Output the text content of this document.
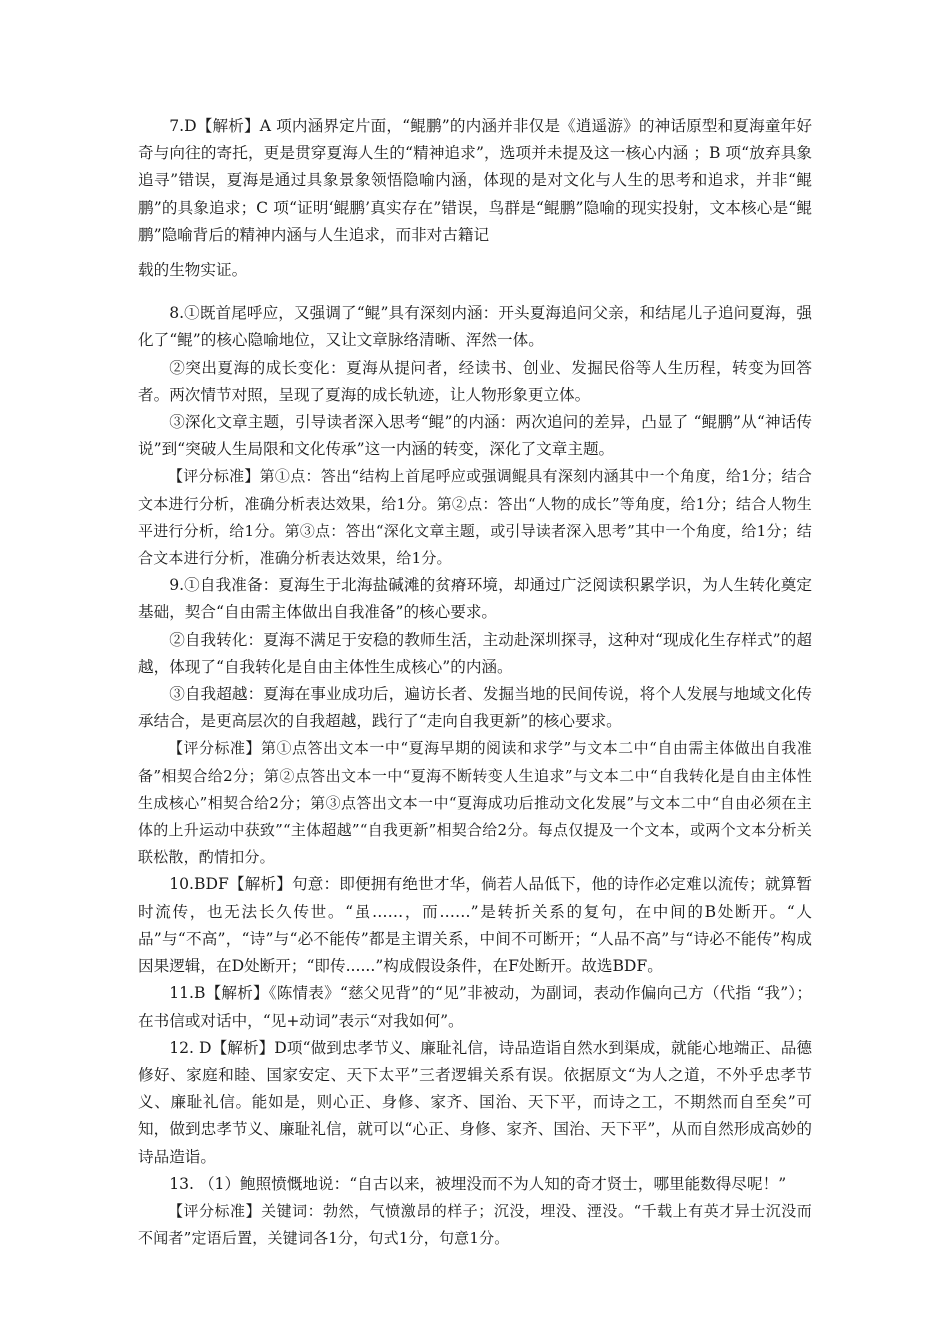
7.D【解析】A 项内涵界定片面，“鲲鹏”的内涵并非仅是《逍遥游》的神话原型和夏海童年好奇与向往的寄托，更是贯穿夏海人生的“精神追求”，选项并未提及这一核心内涵 ；B 项“放弃具象追寻”错误，夏海是通过具象景象领悟隐喻内涵，体现的是对文化与人生的思考和追求，并非“鲲鹏”的具象追求；C 项“证明‘鲲鹏’真实存在”错误，鸟群是“鲲鹏”隐喻的现实投射，文本核心是“鲲鹏”隐喻背后的精神内涵与人生追求，而非对古籍记

载的生物实证。

8.①既首尾呼应，又强调了“鲲”具有深刻内涵：开头夏海追问父亲，和结尾儿子追问夏海，强化了“鲲”的核心隐喻地位，又让文章脉络清晰、浑然一体。

②突出夏海的成长变化：夏海从提问者，经读书、创业、发掘民俗等人生历程，转变为回答者。两次情节对照，呈现了夏海的成长轨迹，让人物形象更立体。

③深化文章主题，引导读者深入思考“鲲”的内涵：两次追问的差异，凸显了 “鲲鹏”从“神话传说”到“突破人生局限和文化传承”这一内涵的转变，深化了文章主题。

【评分标准】第①点：答出“结构上首尾呼应或强调鲲具有深刻内涵其中一个角度，给1分；结合文本进行分析，准确分析表达效果，给1分。第②点：答出“人物的成长”等角度，给1分；结合人物生平进行分析，给1分。第③点：答出“深化文章主题，或引导读者深入思考”其中一个角度，给1分；结合文本进行分析，准确分析表达效果，给1分。

9.①自我准备：夏海生于北海盐碱滩的贫瘠环境，却通过广泛阅读积累学识，为人生转化奠定基础，契合“自由需主体做出自我准备”的核心要求。

②自我转化：夏海不满足于安稳的教师生活，主动赴深圳探寻，这种对“现成化生存样式”的超越，体现了“自我转化是自由主体性生成核心”的内涵。

③自我超越：夏海在事业成功后，遍访长者、发掘当地的民间传说，将个人发展与地域文化传承结合，是更高层次的自我超越，践行了“走向自我更新”的核心要求。

【评分标准】第①点答出文本一中“夏海早期的阅读和求学”与文本二中“自由需主体做出自我准备”相契合给2分；第②点答出文本一中“夏海不断转变人生追求”与文本二中“自我转化是自由主体性生成核心”相契合给2分；第③点答出文本一中“夏海成功后推动文化发展”与文本二中“自由必须在主体的上升运动中获致”“主体超越”“自我更新”相契合给2分。每点仅提及一个文本，或两个文本分析关联松散，酌情扣分。

10.BDF【解析】句意：即便拥有绝世才华，倘若人品低下，他的诗作必定难以流传；就算暂时流传，也无法长久传世。“虽……，而……”是转折关系的复句，在中间的B处断开。“人品”与“不高”，“诗”与“必不能传”都是主谓关系，中间不可断开；“人品不高”与“诗必不能传”构成因果逻辑，在D处断开；“即传......”构成假设条件，在F处断开。故选BDF。

11.B【解析】《陈情表》“慈父见背”的“见”非被动，为副词，表动作偏向己方（代指 “我”）；在书信或对话中，“见+动词”表示“对我如何”。

12. D【解析】D项“做到忠孝节义、廉耻礼信，诗品造诣自然水到渠成，就能心地端正、品德修好、家庭和睦、国家安定、天下太平”三者逻辑关系有误。依据原文“为人之道，不外乎忠孝节义、廉耻礼信。能如是，则心正、身修、家齐、国治、天下平，而诗之工，不期然而自至矣”可知，做到忠孝节义、廉耻礼信，就可以“心正、身修、家齐、国治、天下平”，从而自然形成高妙的诗品造诣。

13. （1）鲍照愤慨地说：“自古以来，被埋没而不为人知的奇才贤士，哪里能数得尽呢！”

【评分标准】关键词：勃然，气愤激昂的样子；沉没，埋没、湮没。“千载上有英才异士沉没而不闻者”定语后置，关键词各1分，句式1分，句意1分。
